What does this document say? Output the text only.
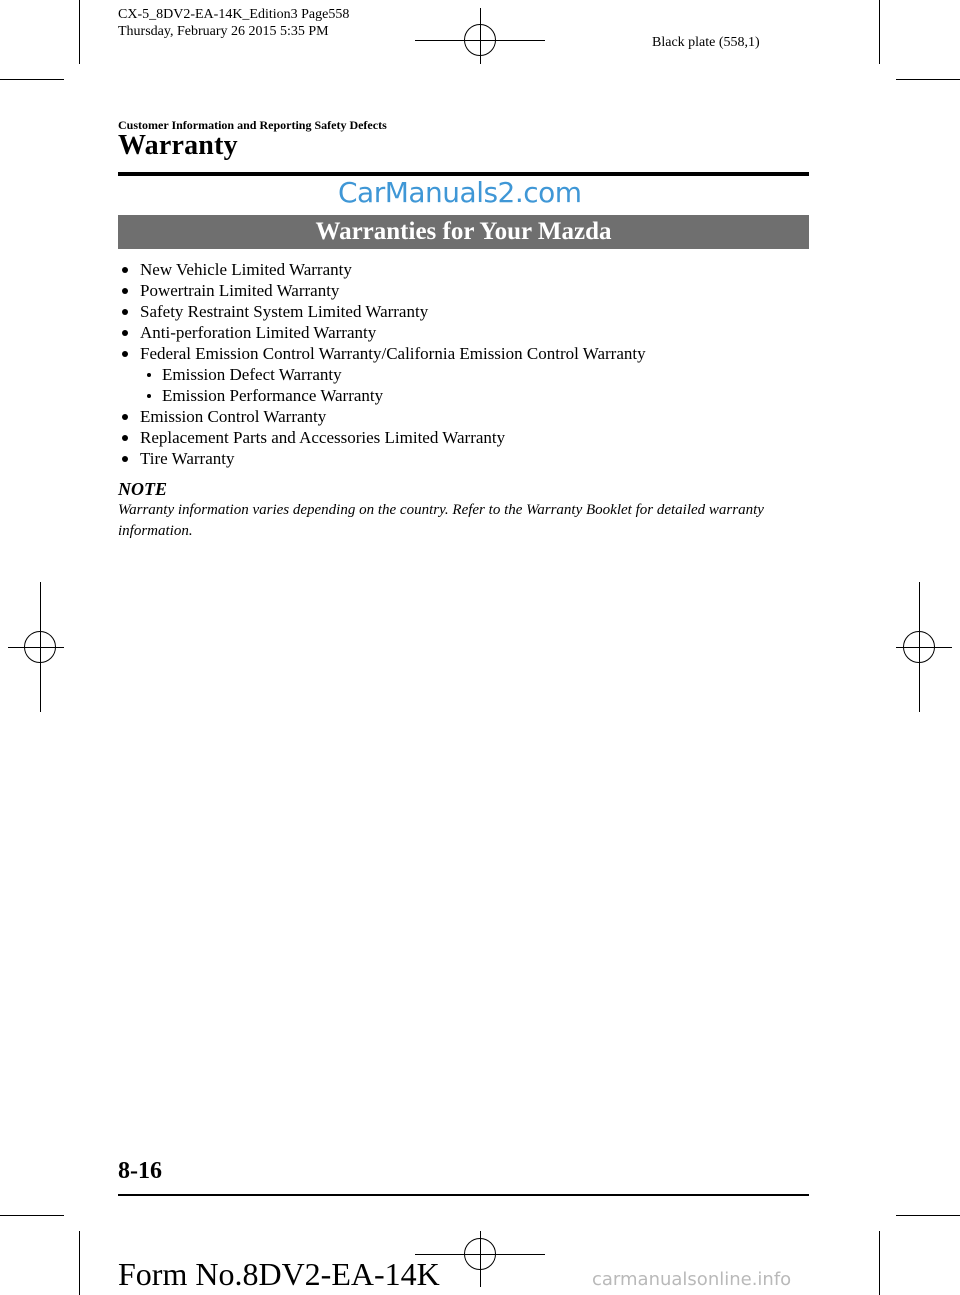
CX-5_8DV2-EA-14K_Edition3 Page558
Thursday, February 26 2015 5:35 PM
Black plate (558,1)
Customer Information and Reporting Safety Defects
Warranty
CarManuals2.com
Warranties for Your Mazda
New Vehicle Limited Warranty
Powertrain Limited Warranty
Safety Restraint System Limited Warranty
Anti-perforation Limited Warranty
Federal Emission Control Warranty/California Emission Control Warranty
Emission Defect Warranty
Emission Performance Warranty
Emission Control Warranty
Replacement Parts and Accessories Limited Warranty
Tire Warranty
NOTE
Warranty information varies depending on the country. Refer to the Warranty Booklet for detailed warranty information.
8-16
Form No.8DV2-EA-14K	carmanualsonline.info
